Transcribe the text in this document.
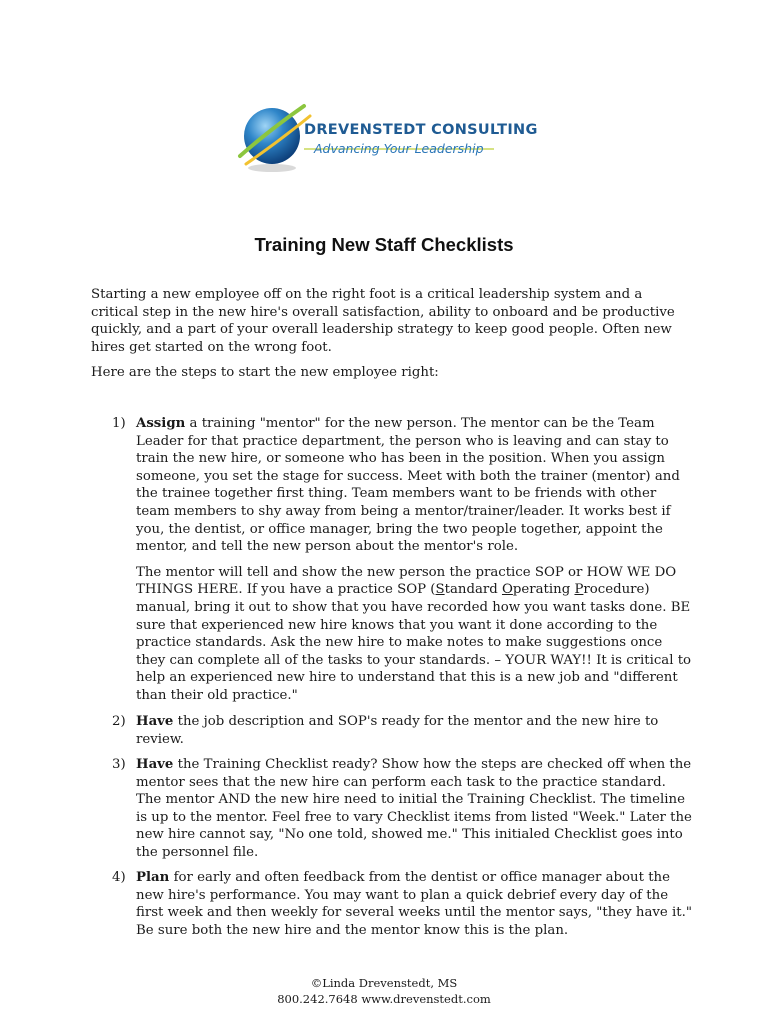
DREVENSTEDT CONSULTING
Advancing Your Leadership
Training New Staff Checklists

Starting a new employee off on the right foot is a critical leadership system and a critical step in the new hire's overall satisfaction, ability to onboard and be productive quickly, and a part of your overall leadership strategy to keep good people. Often new hires get started on the wrong foot.

Here are the steps to start the new employee right:

1) Assign a training "mentor" for the new person. The mentor can be the Team Leader for that practice department, the person who is leaving and can stay to train the new hire, or someone who has been in the position. When you assign someone, you set the stage for success. Meet with both the trainer (mentor) and the trainee together first thing. Team members want to be friends with other team members to shy away from being a mentor/trainer/leader. It works best if you, the dentist, or office manager, bring the two people together, appoint the mentor, and tell the new person about the mentor's role.

The mentor will tell and show the new person the practice SOP or HOW WE DO THINGS HERE. If you have a practice SOP (Standard Operating Procedure) manual, bring it out to show that you have recorded how you want tasks done. BE sure that experienced new hire knows that you want it done according to the practice standards. Ask the new hire to make notes to make suggestions once they can complete all of the tasks to your standards. – YOUR WAY!! It is critical to help an experienced new hire to understand that this is a new job and "different than their old practice."

2) Have the job description and SOP's ready for the mentor and the new hire to review.

3) Have the Training Checklist ready? Show how the steps are checked off when the mentor sees that the new hire can perform each task to the practice standard. The mentor AND the new hire need to initial the Training Checklist. The timeline is up to the mentor. Feel free to vary Checklist items from listed "Week." Later the new hire cannot say, "No one told, showed me." This initialed Checklist goes into the personnel file.

4) Plan for early and often feedback from the dentist or office manager about the new hire's performance. You may want to plan a quick debrief every day of the first week and then weekly for several weeks until the mentor says, "they have it." Be sure both the new hire and the mentor know this is the plan.

©Linda Drevenstedt, MS
800.242.7648 www.drevenstedt.com
